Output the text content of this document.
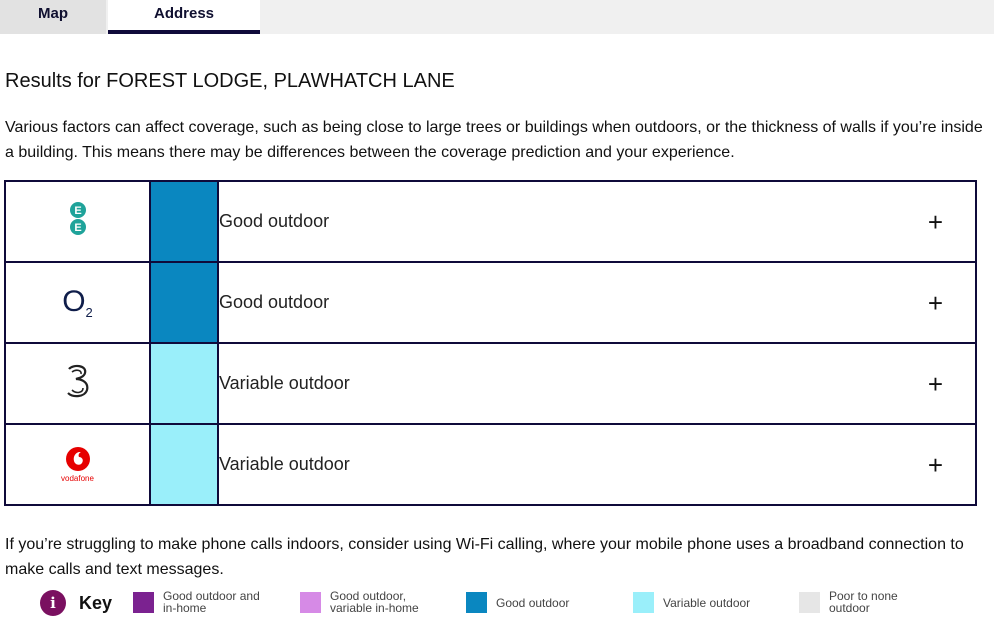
Map	Address
Results for FOREST LODGE, PLAWHATCH LANE
Various factors can affect coverage, such as being close to large trees or buildings when outdoors, or the thickness of walls if you’re inside a building. This means there may be differences between the coverage prediction and your experience.
E
E		Good outdoor +

$O_2$		Good outdoor +

		Variable outdoor +

vodafone		Variable outdoor +
If you’re struggling to make phone calls indoors, consider using Wi-Fi calling, where your mobile phone uses a broadband connection to make calls and text messages.
i	Key	Good outdoor and in-home
Good outdoor, variable in-home	Good outdoor	Variable outdoor	Poor to none outdoor
